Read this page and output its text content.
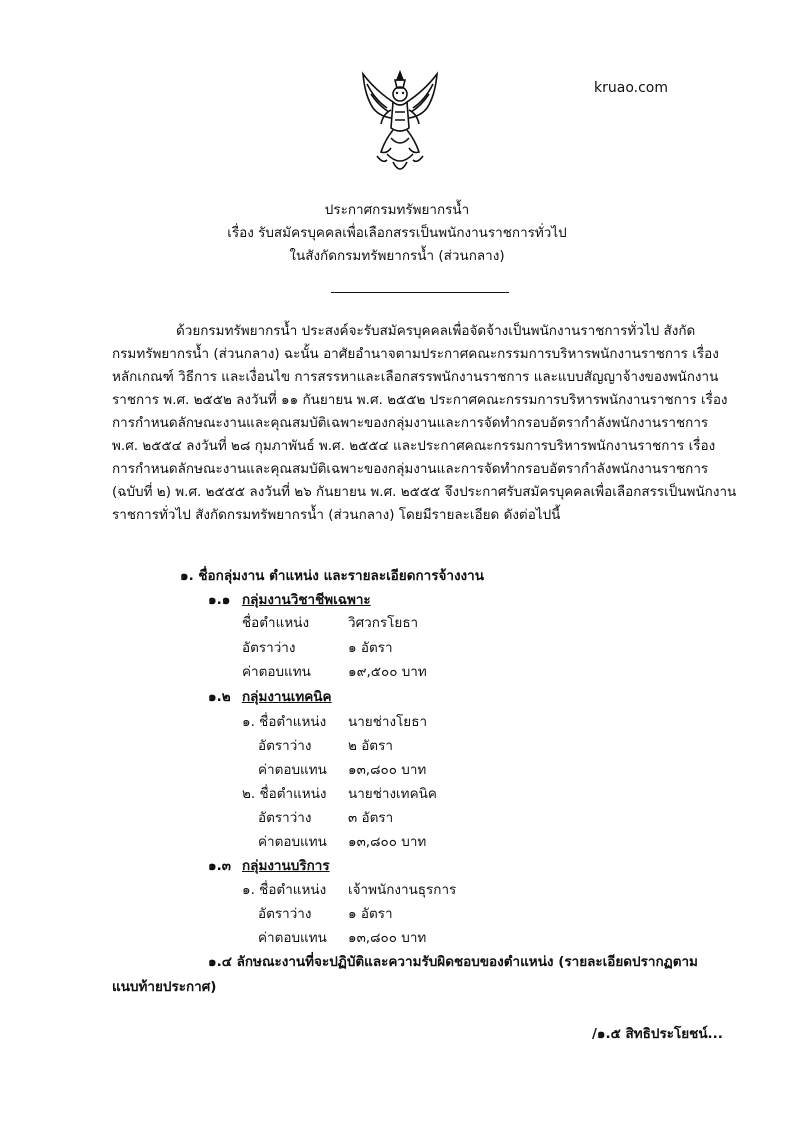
kruao.com
ประกาศกรมทรัพยากรน้ำ
เรื่อง รับสมัครบุคคลเพื่อเลือกสรรเป็นพนักงานราชการทั่วไป
ในสังกัดกรมทรัพยากรน้ำ (ส่วนกลาง)
ด้วยกรมทรัพยากรน้ำ ประสงค์จะรับสมัครบุคคลเพื่อจัดจ้างเป็นพนักงานราชการทั่วไป สังกัด
กรมทรัพยากรน้ำ (ส่วนกลาง) ฉะนั้น อาศัยอำนาจตามประกาศคณะกรรมการบริหารพนักงานราชการ เรื่อง
หลักเกณฑ์ วิธีการ และเงื่อนไข การสรรหาและเลือกสรรพนักงานราชการ และแบบสัญญาจ้างของพนักงาน
ราชการ พ.ศ. ๒๕๕๒ ลงวันที่ ๑๑ กันยายน พ.ศ. ๒๕๕๒ ประกาศคณะกรรมการบริหารพนักงานราชการ เรื่อง
การกำหนดลักษณะงานและคุณสมบัติเฉพาะของกลุ่มงานและการจัดทำกรอบอัตรากำลังพนักงานราชการ
พ.ศ. ๒๕๕๔ ลงวันที่ ๒๘ กุมภาพันธ์ พ.ศ. ๒๕๕๔ และประกาศคณะกรรมการบริหารพนักงานราชการ เรื่อง
การกำหนดลักษณะงานและคุณสมบัติเฉพาะของกลุ่มงานและการจัดทำกรอบอัตรากำลังพนักงานราชการ
(ฉบับที่ ๒) พ.ศ. ๒๕๕๕ ลงวันที่ ๒๖ กันยายน พ.ศ. ๒๕๕๕ จึงประกาศรับสมัครบุคคลเพื่อเลือกสรรเป็นพนักงาน
ราชการทั่วไป สังกัดกรมทรัพยากรน้ำ (ส่วนกลาง) โดยมีรายละเอียด ดังต่อไปนี้
๑. ชื่อกลุ่มงาน ตำแหน่ง และรายละเอียดการจ้างงาน
๑.๑ กลุ่มงานวิชาชีพเฉพาะ
ชื่อตำแหน่ง	วิศวกรโยธา
อัตราว่าง	๑ อัตรา
ค่าตอบแทน	๑๙,๕๐๐ บาท
๑.๒ กลุ่มงานเทคนิค
๑. ชื่อตำแหน่ง นายช่างโยธา
อัตราว่าง	๒ อัตรา
ค่าตอบแทน ๑๓,๘๐๐ บาท
๒. ชื่อตำแหน่ง นายช่างเทคนิค
อัตราว่าง	๓ อัตรา
ค่าตอบแทน ๑๓,๘๐๐ บาท
๑.๓ กลุ่มงานบริการ
๑. ชื่อตำแหน่ง เจ้าพนักงานธุรการ
อัตราว่าง	๑ อัตรา
ค่าตอบแทน ๑๓,๘๐๐ บาท
๑.๔ ลักษณะงานที่จะปฏิบัติและความรับผิดชอบของตำแหน่ง (รายละเอียดปรากฏตาม
แนบท้ายประกาศ)
/๑.๕ สิทธิประโยชน์...
